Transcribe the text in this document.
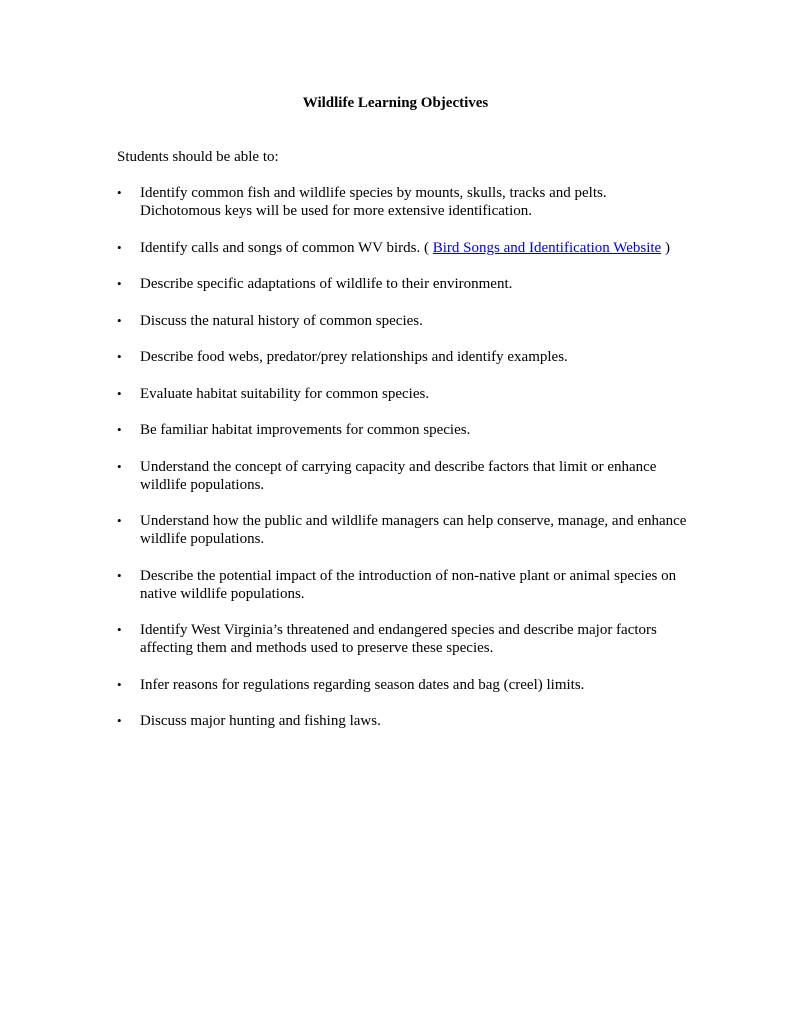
Wildlife Learning Objectives
Students should be able to:
•	Identify common fish and wildlife species by mounts, skulls, tracks and pelts. Dichotomous keys will be used for more extensive identification.
•	Identify calls and songs of common WV birds. ( Bird Songs and Identification Website )
•	Describe specific adaptations of wildlife to their environment.
•	Discuss the natural history of common species.
•	Describe food webs, predator/prey relationships and identify examples.
•	Evaluate habitat suitability for common species.
•	Be familiar habitat improvements for common species.
•	Understand the concept of carrying capacity and describe factors that limit or enhance wildlife populations.
•	Understand how the public and wildlife managers can help conserve, manage, and enhance wildlife populations.
•	Describe the potential impact of the introduction of non-native plant or animal species on native wildlife populations.
•	Identify West Virginia’s threatened and endangered species and describe major factors affecting them and methods used to preserve these species.
•	Infer reasons for regulations regarding season dates and bag (creel) limits.
•	Discuss major hunting and fishing laws.
